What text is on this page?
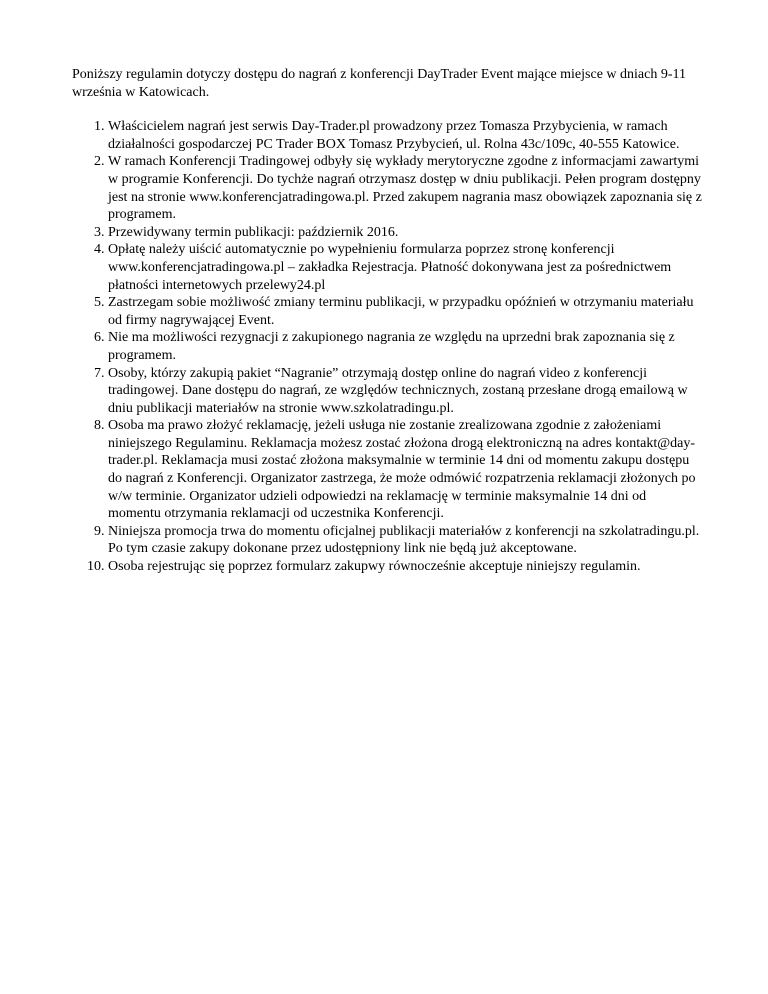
Poniższy regulamin dotyczy dostępu do nagrań z konferencji DayTrader Event mające miejsce w dniach 9-11 września w Katowicach.

1. Właścicielem nagrań jest serwis Day-Trader.pl prowadzony przez Tomasza Przybycienia, w ramach działalności gospodarczej PC Trader BOX Tomasz Przybycień, ul. Rolna 43c/109c, 40-555 Katowice.
2. W ramach Konferencji Tradingowej odbyły się wykłady merytoryczne zgodne z informacjami zawartymi w programie Konferencji. Do tychże nagrań otrzymasz dostęp w dniu publikacji. Pełen program dostępny jest na stronie www.konferencjatradingowa.pl. Przed zakupem nagrania masz obowiązek zapoznania się z programem.
3. Przewidywany termin publikacji: październik 2016.
4. Opłatę należy uiścić automatycznie po wypełnieniu formularza poprzez stronę konferencji www.konferencjatradingowa.pl – zakładka Rejestracja. Płatność dokonywana jest za pośrednictwem płatności internetowych przelewy24.pl
5. Zastrzegam sobie możliwość zmiany terminu publikacji, w przypadku opóźnień w otrzymaniu materiału od firmy nagrywającej Event.
6. Nie ma możliwości rezygnacji z zakupionego nagrania ze względu na uprzedni brak zapoznania się z programem.
7. Osoby, którzy zakupią pakiet “Nagranie” otrzymają dostęp online do nagrań video z konferencji tradingowej. Dane dostępu do nagrań, ze względów technicznych, zostaną przesłane drogą emailową w dniu publikacji materiałów na stronie www.szkolatradingu.pl.
8. Osoba ma prawo złożyć reklamację, jeżeli usługa nie zostanie zrealizowana zgodnie z założeniami niniejszego Regulaminu. Reklamacja możesz zostać złożona drogą elektroniczną na adres kontakt@day-trader.pl. Reklamacja musi zostać złożona maksymalnie w terminie 14 dni od momentu zakupu dostępu do nagrań z Konferencji. Organizator zastrzega, że może odmówić rozpatrzenia reklamacji złożonych po w/w terminie. Organizator udzieli odpowiedzi na reklamację w terminie maksymalnie 14 dni od momentu otrzymania reklamacji od uczestnika Konferencji.
9. Niniejsza promocja trwa do momentu oficjalnej publikacji materiałów z konferencji na szkolatradingu.pl. Po tym czasie zakupy dokonane przez udostępniony link nie będą już akceptowane.
10. Osoba rejestrując się poprzez formularz zakupwy równocześnie akceptuje niniejszy regulamin.
